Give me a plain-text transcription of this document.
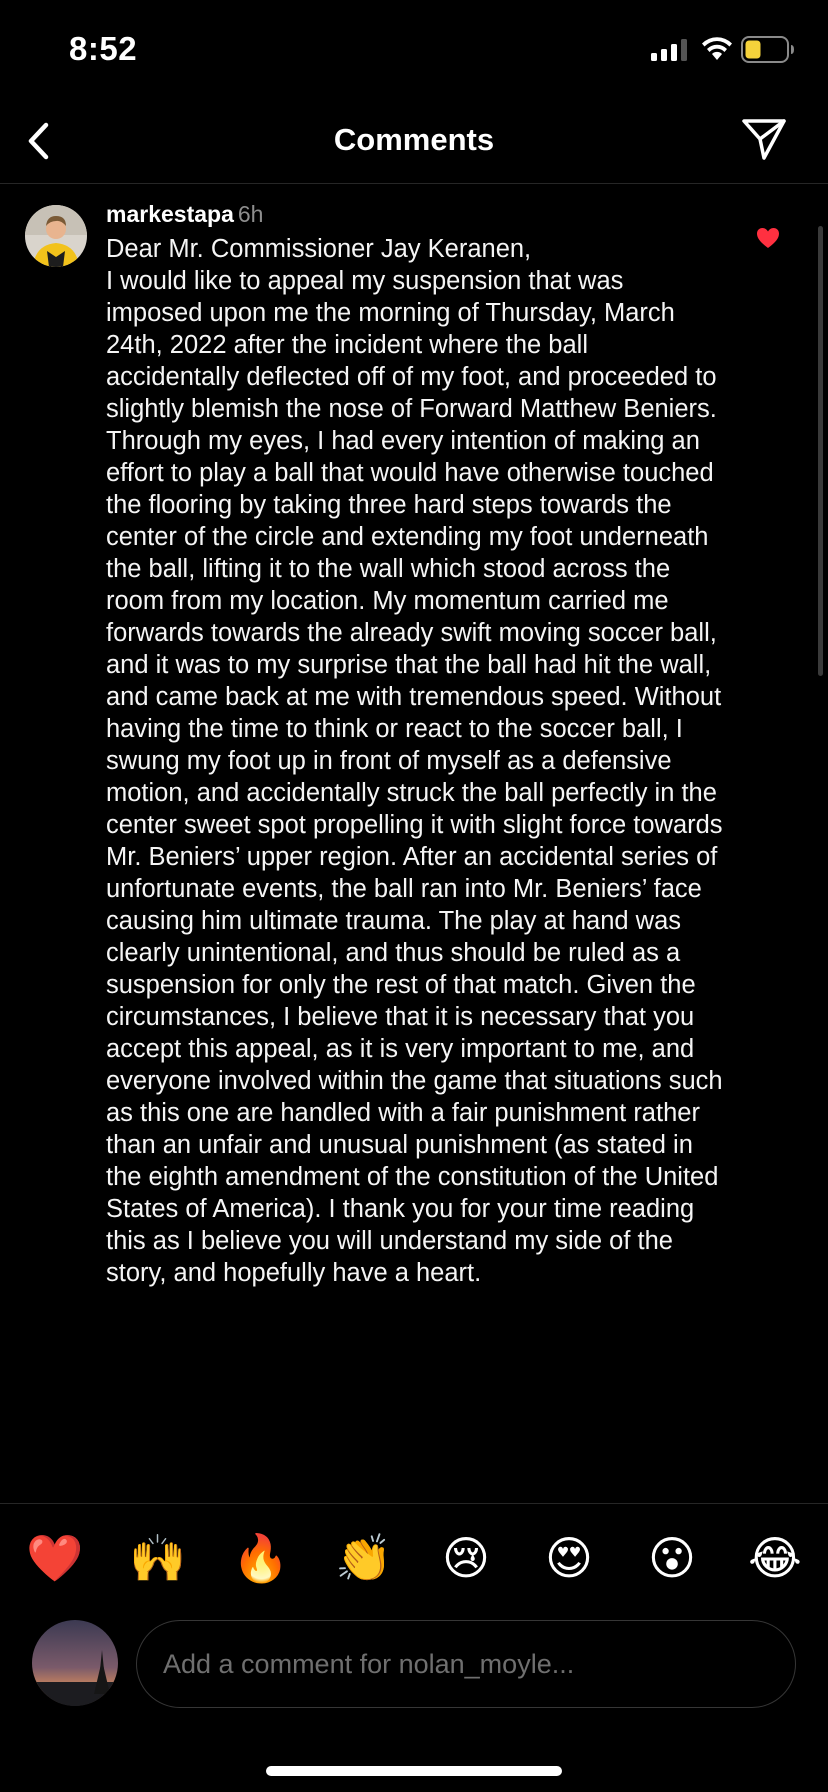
8:52
Comments
markestapa 6h
Dear Mr. Commissioner Jay Keranen,
I would like to appeal my suspension that was imposed upon me the morning of Thursday, March 24th, 2022 after the incident where the ball accidentally deflected off of my foot, and proceeded to slightly blemish the nose of Forward Matthew Beniers. Through my eyes, I had every intention of making an effort to play a ball that would have otherwise touched the flooring by taking three hard steps towards the center of the circle and extending my foot underneath the ball, lifting it to the wall which stood across the room from my location. My momentum carried me forwards towards the already swift moving soccer ball, and it was to my surprise that the ball had hit the wall, and came back at me with tremendous speed. Without having the time to think or react to the soccer ball, I swung my foot up in front of myself as a defensive motion, and accidentally struck the ball perfectly in the center sweet spot propelling it with slight force towards Mr. Beniers’ upper region. After an accidental series of unfortunate events, the ball ran into Mr. Beniers’ face causing him ultimate trauma. The play at hand was clearly unintentional, and thus should be ruled as a suspension for only the rest of that match. Given the circumstances, I believe that it is necessary that you accept this appeal, as it is very important to me, and everyone involved within the game that situations such as this one are handled with a fair punishment rather than an unfair and unusual punishment (as stated in the eighth amendment of the constitution of the United States of America). I thank you for your time reading this as I believe you will understand my side of the story, and hopefully have a heart.
❤️ 🙌 🔥 👏 😢 😍 😮 😂
Add a comment for nolan_moyle...
